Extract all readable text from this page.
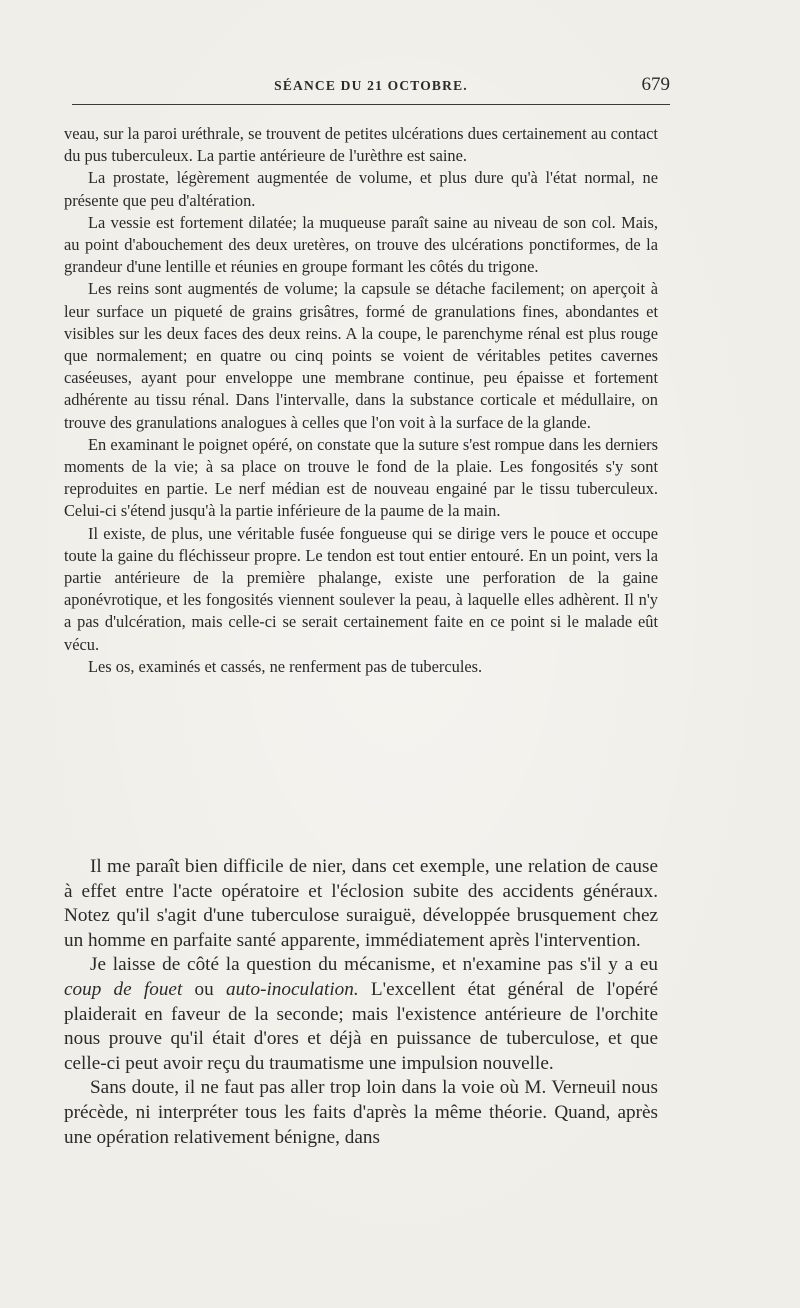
SÉANCE DU 21 OCTOBRE.	679

veau, sur la paroi uréthrale, se trouvent de petites ulcérations dues certainement au contact du pus tuberculeux. La partie antérieure de l'urèthre est saine.

La prostate, légèrement augmentée de volume, et plus dure qu'à l'état normal, ne présente que peu d'altération.

La vessie est fortement dilatée; la muqueuse paraît saine au niveau de son col. Mais, au point d'abouchement des deux uretères, on trouve des ulcérations ponctiformes, de la grandeur d'une lentille et réunies en groupe formant les côtés du trigone.

Les reins sont augmentés de volume; la capsule se détache facilement; on aperçoit à leur surface un piqueté de grains grisâtres, formé de granulations fines, abondantes et visibles sur les deux faces des deux reins. A la coupe, le parenchyme rénal est plus rouge que normalement; en quatre ou cinq points se voient de véritables petites cavernes caséeuses, ayant pour enveloppe une membrane continue, peu épaisse et fortement adhérente au tissu rénal. Dans l'intervalle, dans la substance corticale et médullaire, on trouve des granulations analogues à celles que l'on voit à la surface de la glande.

En examinant le poignet opéré, on constate que la suture s'est rompue dans les derniers moments de la vie; à sa place on trouve le fond de la plaie. Les fongosités s'y sont reproduites en partie. Le nerf médian est de nouveau engainé par le tissu tuberculeux. Celui-ci s'étend jusqu'à la partie inférieure de la paume de la main.

Il existe, de plus, une véritable fusée fongueuse qui se dirige vers le pouce et occupe toute la gaine du fléchisseur propre. Le tendon est tout entier entouré. En un point, vers la partie antérieure de la première phalange, existe une perforation de la gaine aponévrotique, et les fongosités viennent soulever la peau, à laquelle elles adhèrent. Il n'y a pas d'ulcération, mais celle-ci se serait certainement faite en ce point si le malade eût vécu.

Les os, examinés et cassés, ne renferment pas de tubercules.

Il me paraît bien difficile de nier, dans cet exemple, une relation de cause à effet entre l'acte opératoire et l'éclosion subite des accidents généraux. Notez qu'il s'agit d'une tuberculose suraiguë, développée brusquement chez un homme en parfaite santé apparente, immédiatement après l'intervention.

Je laisse de côté la question du mécanisme, et n'examine pas s'il y a eu coup de fouet ou auto-inoculation. L'excellent état général de l'opéré plaiderait en faveur de la seconde; mais l'existence antérieure de l'orchite nous prouve qu'il était d'ores et déjà en puissance de tuberculose, et que celle-ci peut avoir reçu du traumatisme une impulsion nouvelle.

Sans doute, il ne faut pas aller trop loin dans la voie où M. Verneuil nous précède, ni interpréter tous les faits d'après la même théorie. Quand, après une opération relativement bénigne, dans
